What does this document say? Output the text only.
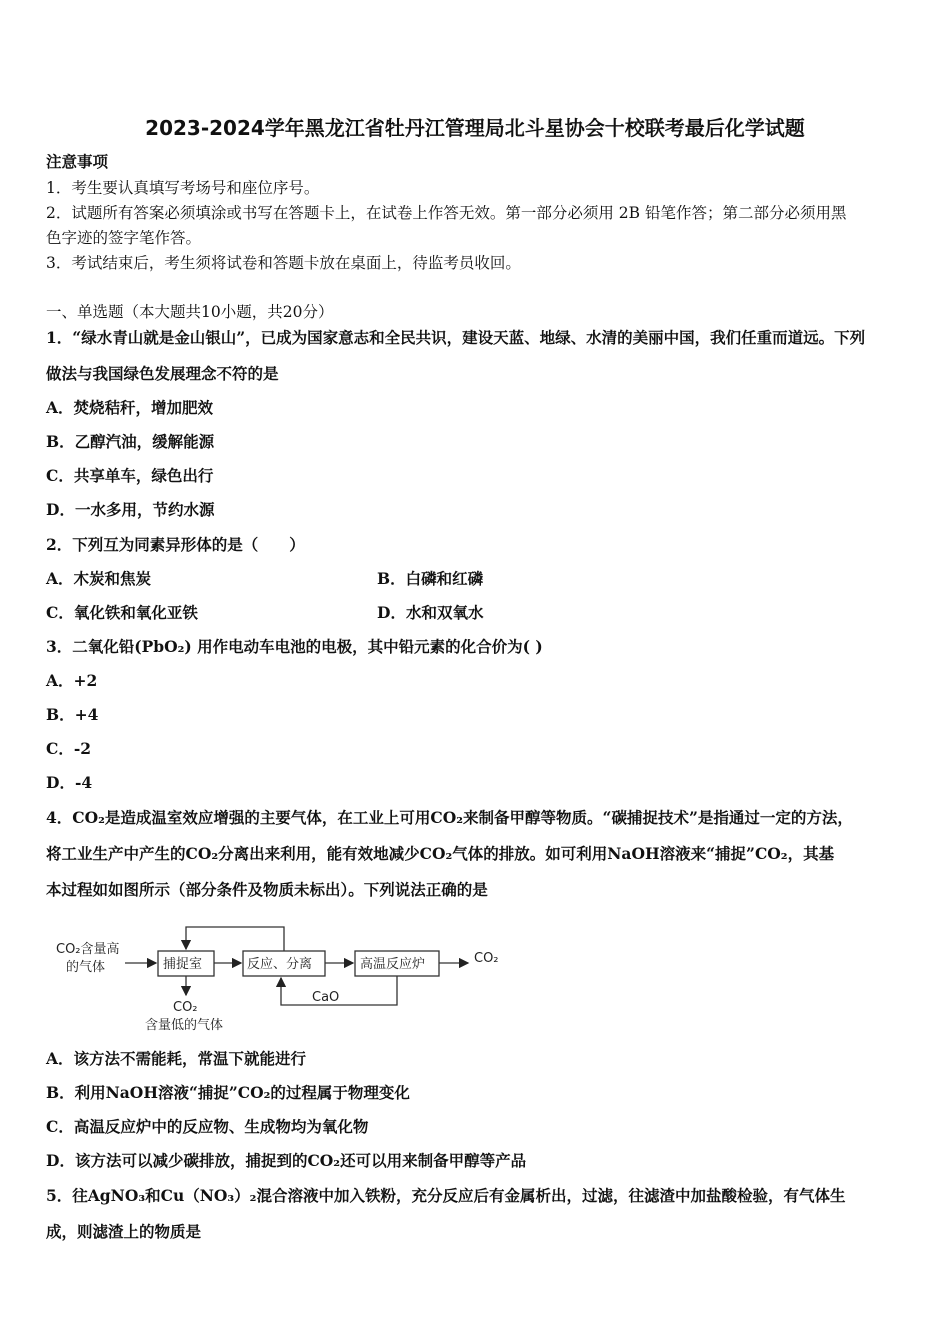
2023-2024学年黑龙江省牡丹江管理局北斗星协会十校联考最后化学试题
注意事项
1．考生要认真填写考场号和座位序号。
2．试题所有答案必须填涂或书写在答题卡上，在试卷上作答无效。第一部分必须用 2B 铅笔作答；第二部分必须用黑
色字迹的签字笔作答。
3．考试结束后，考生须将试卷和答题卡放在桌面上，待监考员收回。
一、单选题（本大题共10小题，共20分）
1．“绿水青山就是金山银山”，已成为国家意志和全民共识，建设天蓝、地绿、水清的美丽中国，我们任重而道远。下列
做法与我国绿色发展理念不符的是
A．焚烧秸秆，增加肥效
B．乙醇汽油，缓解能源
C．共享单车，绿色出行
D．一水多用，节约水源
2．下列互为同素异形体的是（　　）
A．木炭和焦炭	B．白磷和红磷
C．氧化铁和氧化亚铁	D．水和双氧水
3．二氧化铅(PbO₂) 用作电动车电池的电极，其中铅元素的化合价为( )
A．+2
B．+4
C．-2
D．-4
4．CO₂是造成温室效应增强的主要气体，在工业上可用CO₂来制备甲醇等物质。“碳捕捉技术”是指通过一定的方法，
将工业生产中产生的CO₂分离出来利用，能有效地减少CO₂气体的排放。如可利用NaOH溶液来“捕捉”CO₂，其基
本过程如如图所示（部分条件及物质未标出）。下列说法正确的是
CO₂含量高
的气体	捕捉室	反应、分离	高温反应炉	CO₂
CaO
CO₂
含量低的气体
A．该方法不需能耗，常温下就能进行
B．利用NaOH溶液“捕捉”CO₂的过程属于物理变化
C．高温反应炉中的反应物、生成物均为氧化物
D．该方法可以减少碳排放，捕捉到的CO₂还可以用来制备甲醇等产品
5．往AgNO₃和Cu（NO₃）₂混合溶液中加入铁粉，充分反应后有金属析出，过滤，往滤渣中加盐酸检验，有气体生
成，则滤渣上的物质是
